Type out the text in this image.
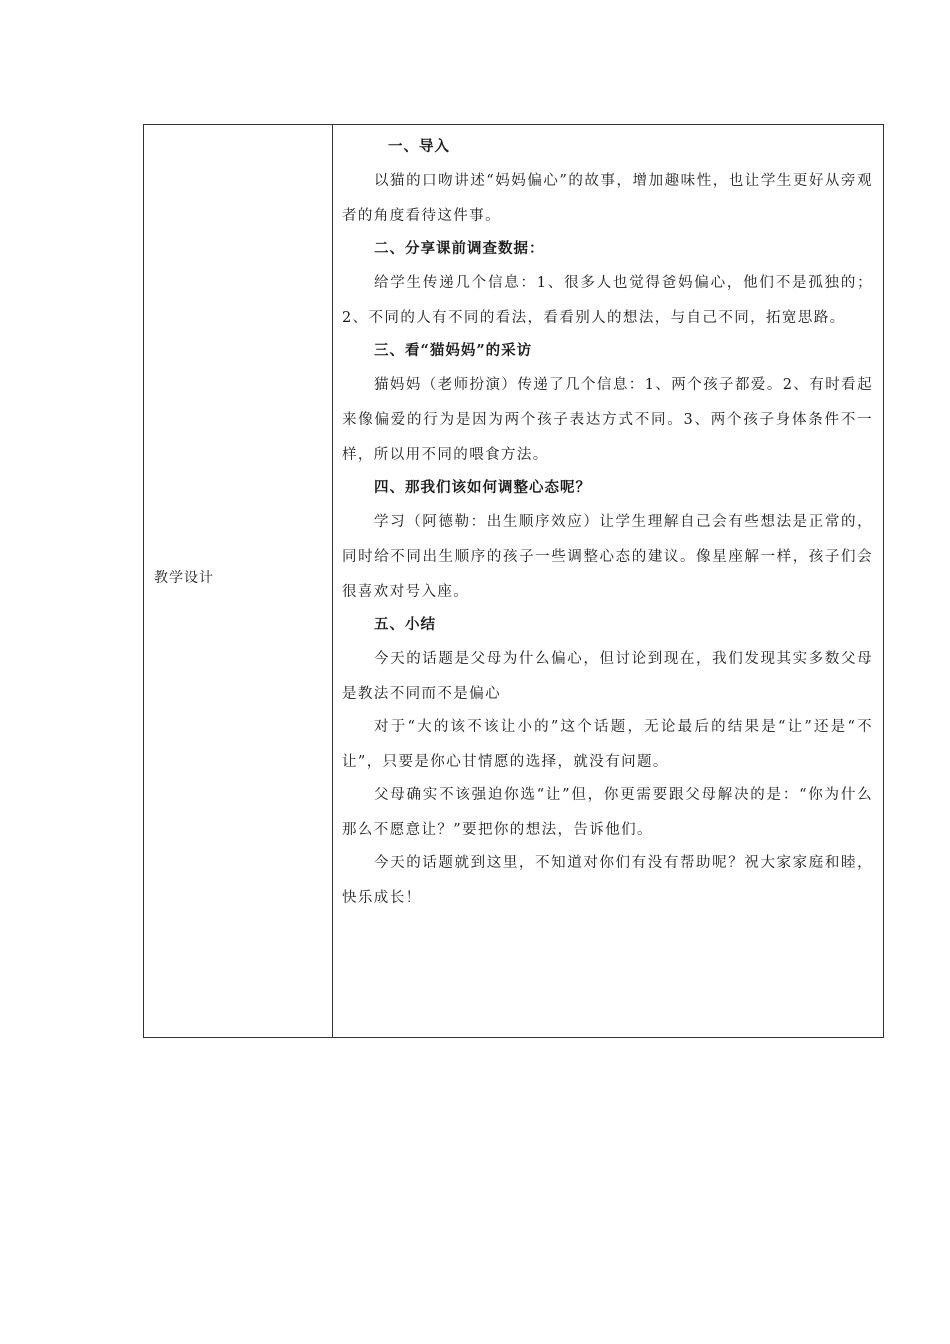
教学设计
一、导入

以猫的口吻讲述“妈妈偏心”的故事，增加趣味性，也让学生更好从旁观者的角度看待这件事。

二、分享课前调查数据：

给学生传递几个信息：1、很多人也觉得爸妈偏心，他们不是孤独的；2、不同的人有不同的看法，看看别人的想法，与自己不同，拓宽思路。

三、看“猫妈妈”的采访

猫妈妈（老师扮演）传递了几个信息：1、两个孩子都爱。2、有时看起来像偏爱的行为是因为两个孩子表达方式不同。3、两个孩子身体条件不一样，所以用不同的喂食方法。

四、那我们该如何调整心态呢？

学习（阿德勒：出生顺序效应）让学生理解自己会有些想法是正常的，同时给不同出生顺序的孩子一些调整心态的建议。像星座解一样，孩子们会很喜欢对号入座。

五、小结

今天的话题是父母为什么偏心，但讨论到现在，我们发现其实多数父母是教法不同而不是偏心

对于“大的该不该让小的”这个话题，无论最后的结果是“让”还是“不让”，只要是你心甘情愿的选择，就没有问题。

父母确实不该强迫你选“让”但，你更需要跟父母解决的是：“你为什么那么不愿意让？”要把你的想法，告诉他们。

今天的话题就到这里，不知道对你们有没有帮助呢？祝大家家庭和睦，快乐成长！
